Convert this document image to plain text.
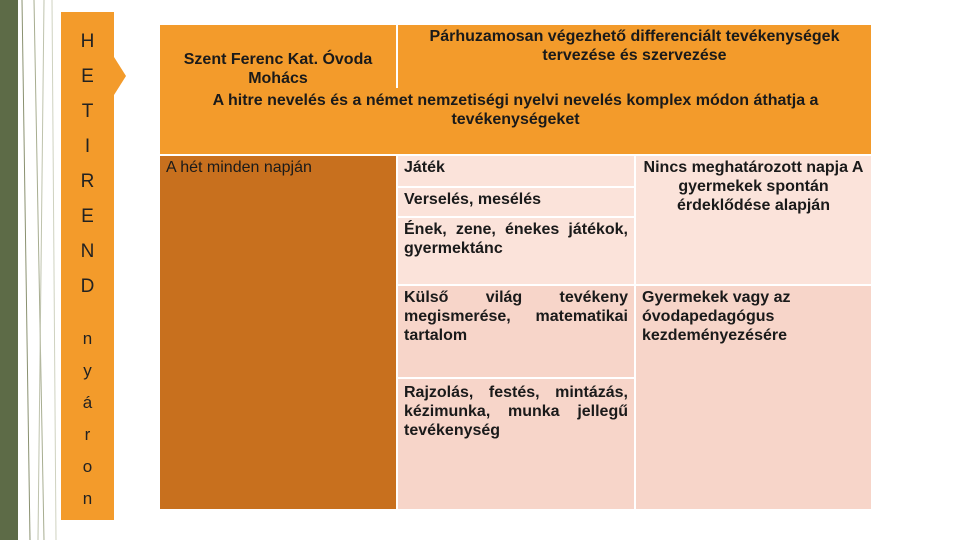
H
E
T
I
R
E
N
D
n
y
á
r
o
n
Szent Ferenc Kat. Óvoda
Mohács
Párhuzamosan végezhető differenciált tevékenységek tervezése és szervezése
A hitre nevelés és a német nemzetiségi nyelvi nevelés komplex módon áthatja a tevékenységeket
A hét minden napján	Játék
Verselés, mesélés
Ének, zene, énekes játékok, gyermektánc
Nincs meghatározott napja A gyermekek spontán érdeklődése alapján
Külső világ tevékeny megismerése, matematikai tartalom
Rajzolás, festés, mintázás, kézimunka, munka jellegű tevékenység
Gyermekek vagy az óvodapedagógus kezdeményezésére
